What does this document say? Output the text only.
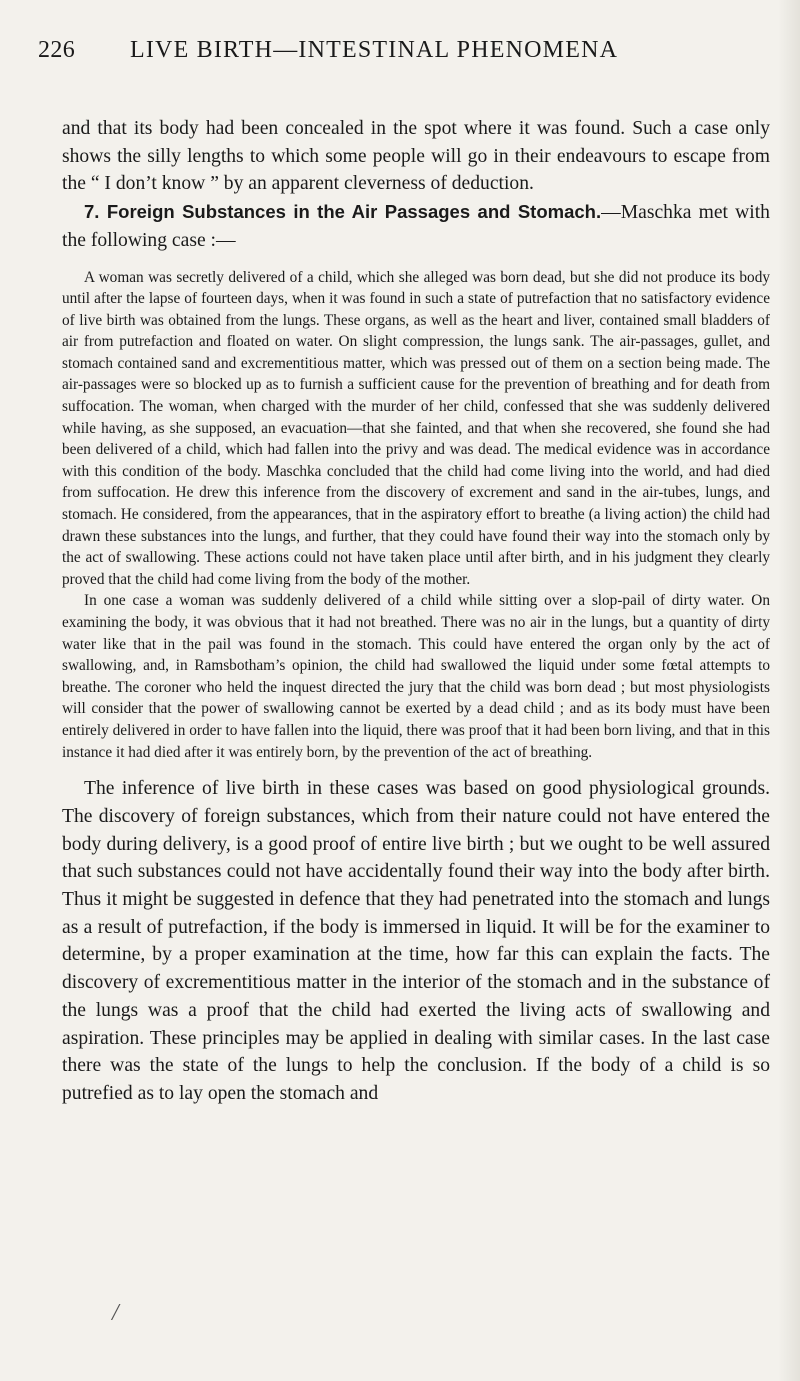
226 LIVE BIRTH—INTESTINAL PHENOMENA

and that its body had been concealed in the spot where it was found. Such a case only shows the silly lengths to which some people will go in their endeavours to escape from the “ I don’t know ” by an apparent cleverness of deduction.

7. Foreign Substances in the Air Passages and Stomach.—Maschka met with the following case :—

A woman was secretly delivered of a child, which she alleged was born dead, but she did not produce its body until after the lapse of fourteen days, when it was found in such a state of putrefaction that no satisfactory evidence of live birth was obtained from the lungs. These organs, as well as the heart and liver, contained small bladders of air from putrefaction and floated on water. On slight compression, the lungs sank. The air-passages, gullet, and stomach contained sand and excrementitious matter, which was pressed out of them on a section being made. The air-passages were so blocked up as to furnish a sufficient cause for the prevention of breathing and for death from suffocation. The woman, when charged with the murder of her child, confessed that she was suddenly delivered while having, as she supposed, an evacuation—that she fainted, and that when she recovered, she found she had been delivered of a child, which had fallen into the privy and was dead. The medical evidence was in accordance with this condition of the body. Maschka concluded that the child had come living into the world, and had died from suffocation. He drew this inference from the discovery of excrement and sand in the air-tubes, lungs, and stomach. He considered, from the appearances, that in the aspiratory effort to breathe (a living action) the child had drawn these substances into the lungs, and further, that they could have found their way into the stomach only by the act of swallowing. These actions could not have taken place until after birth, and in his judgment they clearly proved that the child had come living from the body of the mother.

In one case a woman was suddenly delivered of a child while sitting over a slop-pail of dirty water. On examining the body, it was obvious that it had not breathed. There was no air in the lungs, but a quantity of dirty water like that in the pail was found in the stomach. This could have entered the organ only by the act of swallowing, and, in Ramsbotham’s opinion, the child had swallowed the liquid under some fœtal attempts to breathe. The coroner who held the inquest directed the jury that the child was born dead ; but most physiologists will consider that the power of swallowing cannot be exerted by a dead child ; and as its body must have been entirely delivered in order to have fallen into the liquid, there was proof that it had been born living, and that in this instance it had died after it was entirely born, by the prevention of the act of breathing.

The inference of live birth in these cases was based on good physiological grounds. The discovery of foreign substances, which from their nature could not have entered the body during delivery, is a good proof of entire live birth ; but we ought to be well assured that such substances could not have accidentally found their way into the body after birth. Thus it might be suggested in defence that they had penetrated into the stomach and lungs as a result of putrefaction, if the body is immersed in liquid. It will be for the examiner to determine, by a proper examination at the time, how far this can explain the facts. The discovery of excrementitious matter in the interior of the stomach and in the substance of the lungs was a proof that the child had exerted the living acts of swallowing and aspiration. These principles may be applied in dealing with similar cases. In the last case there was the state of the lungs to help the conclusion. If the body of a child is so putrefied as to lay open the stomach and

/
